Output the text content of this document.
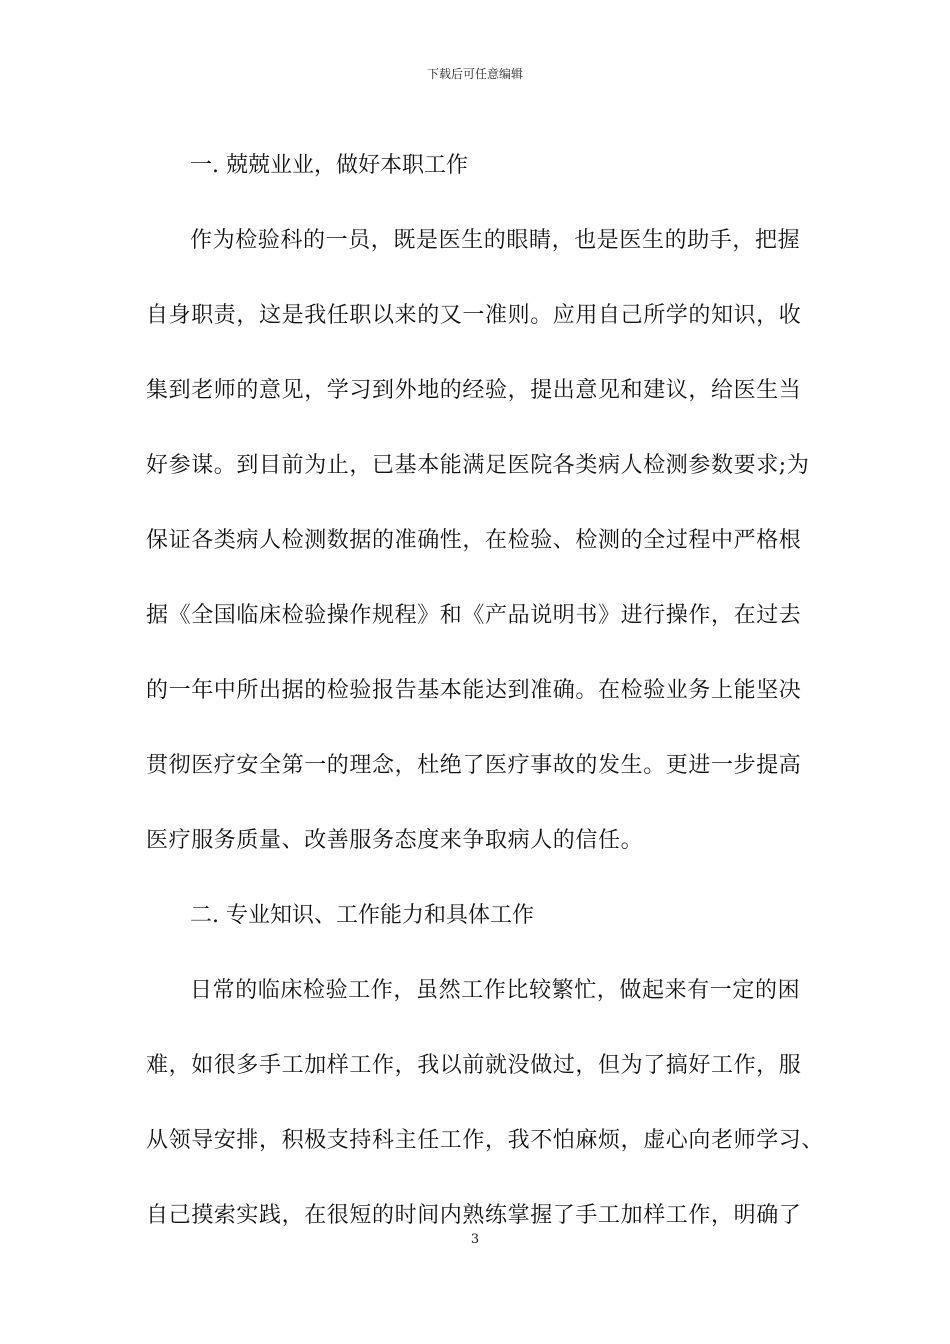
下载后可任意编辑
一. 兢兢业业，做好本职工作
作为检验科的一员，既是医生的眼睛，也是医生的助手，把握
自身职责，这是我任职以来的又一准则。应用自己所学的知识，收
集到老师的意见，学习到外地的经验，提出意见和建议，给医生当
好参谋。到目前为止，已基本能满足医院各类病人检测参数要求;为
保证各类病人检测数据的准确性，在检验、检测的全过程中严格根
据《全国临床检验操作规程》和《产品说明书》进行操作，在过去
的一年中所出据的检验报告基本能达到准确。在检验业务上能坚决
贯彻医疗安全第一的理念，杜绝了医疗事故的发生。更进一步提高
医疗服务质量、改善服务态度来争取病人的信任。
二. 专业知识、工作能力和具体工作
日常的临床检验工作，虽然工作比较繁忙，做起来有一定的困
难，如很多手工加样工作，我以前就没做过，但为了搞好工作，服
从领导安排，积极支持科主任工作，我不怕麻烦，虚心向老师学习、
自己摸索实践，在很短的时间内熟练掌握了手工加样工作，明确了
3
